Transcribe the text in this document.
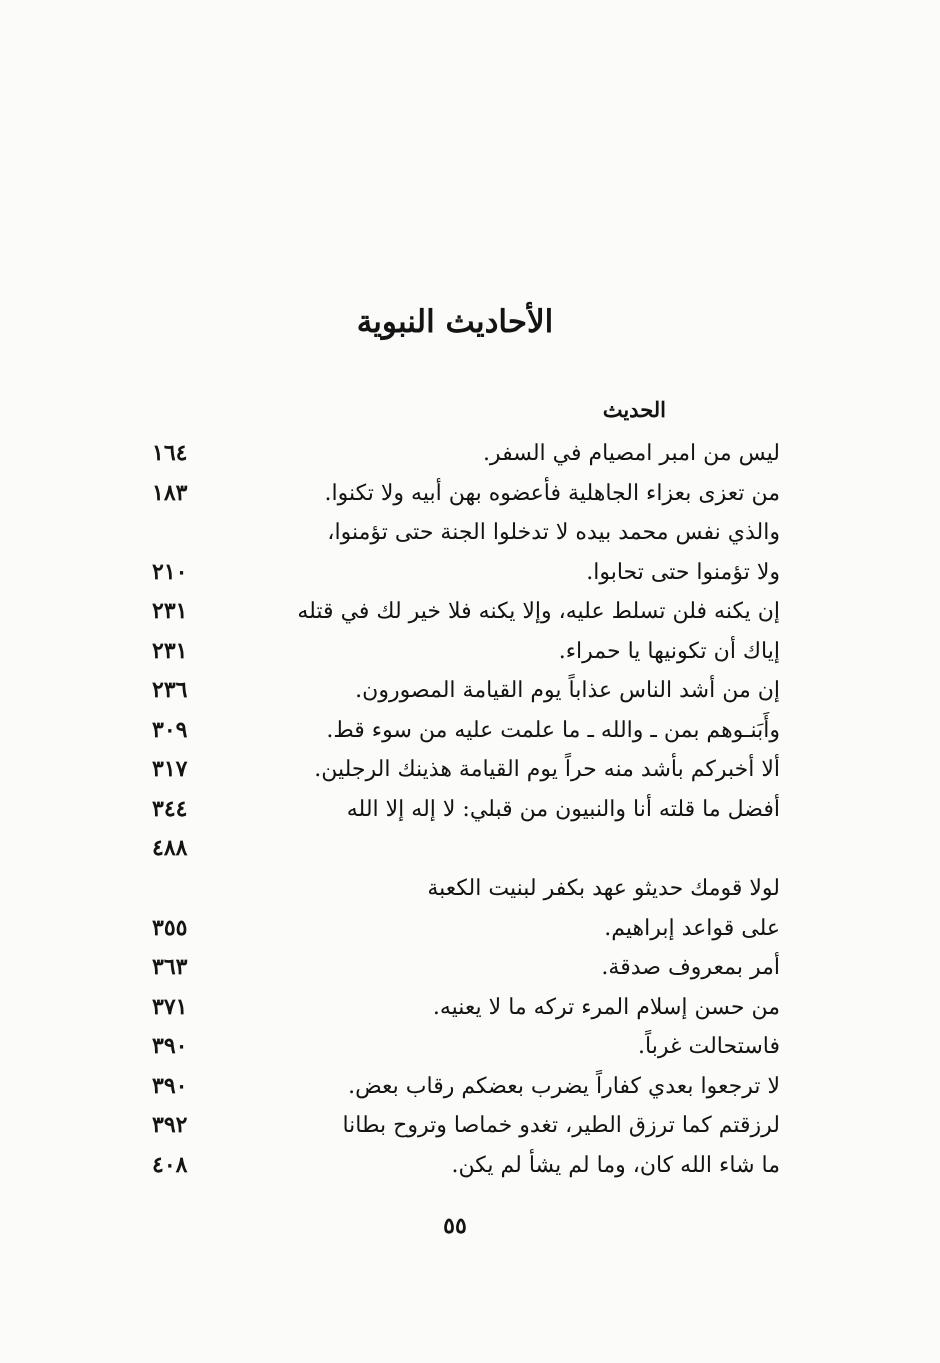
الأحاديث النبوية
الحديث
ليس من امبر امصيام في السفر.
١٦٤
من تعزى بعزاء الجاهلية فأعضوه بهن أبيه ولا تكنوا.
١٨٣
والذي نفس محمد بيده لا تدخلوا الجنة حتى تؤمنوا،
ولا تؤمنوا حتى تحابوا.
٢١٠
إن يكنه فلن تسلط عليه، وإلا يكنه فلا خير لك في قتله
٢٣١
إياك أن تكونيها يا حمراء.
٢٣١
إن من أشد الناس عذاباً يوم القيامة المصورون.
٢٣٦
وأَبَنـوهم بمن ـ والله ـ ما علمت عليه من سوء قط.
٣٠٩
ألا أخبركم بأشد منه حراً يوم القيامة هذينك الرجلين.
٣١٧
أفضل ما قلته أنا والنبيون من قبلي: لا إله إلا الله
٣٤٤
٤٨٨
لولا قومك حديثو عهد بكفر لبنيت الكعبة
على قواعد إبراهيم.
٣٥٥
أمر بمعروف صدقة.
٣٦٣
من حسن إسلام المرء تركه ما لا يعنيه.
٣٧١
فاستحالت غرباً.
٣٩٠
لا ترجعوا بعدي كفاراً يضرب بعضكم رقاب بعض.
٣٩٠
لرزقتم كما ترزق الطير، تغدو خماصا وتروح بطانا
٣٩٢
ما شاء الله كان، وما لم يشأ لم يكن.
٤٠٨
٥٥
